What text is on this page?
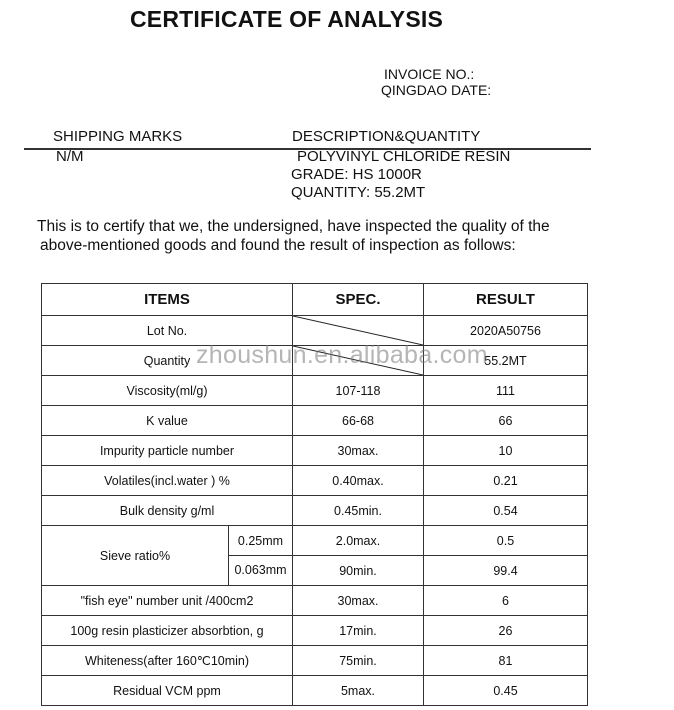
CERTIFICATE OF ANALYSIS
INVOICE NO.:
QINGDAO DATE:
SHIPPING MARKS	DESCRIPTION&QUANTITY
N/M	POLYVINYL CHLORIDE RESIN
GRADE: HS 1000R
QUANTITY: 55.2MT
This is to certify that we, the undersigned, have inspected the quality of the
above-mentioned goods and found the result of inspection as follows:
ITEMS		SPEC.	RESULT
Lot No.			2020A50756
Quantity			55.2MT
Viscosity(ml/g)		107-118	111
K value		66-68	66
Impurity particle number		30max.	10
Volatiles(incl.water ) %		0.40max.	0.21
Bulk density g/ml		0.45min.	0.54
Sieve ratio%	0.25mm	2.0max.	0.5
	0.063mm	90min.	99.4
"fish eye" number unit /400cm2		30max.	6
100g resin plasticizer absorbtion, g		17min.	26
Whiteness(after 160℃10min)		75min.	81
Residual VCM ppm		5max.	0.45
zhoushun.en.alibaba.com
